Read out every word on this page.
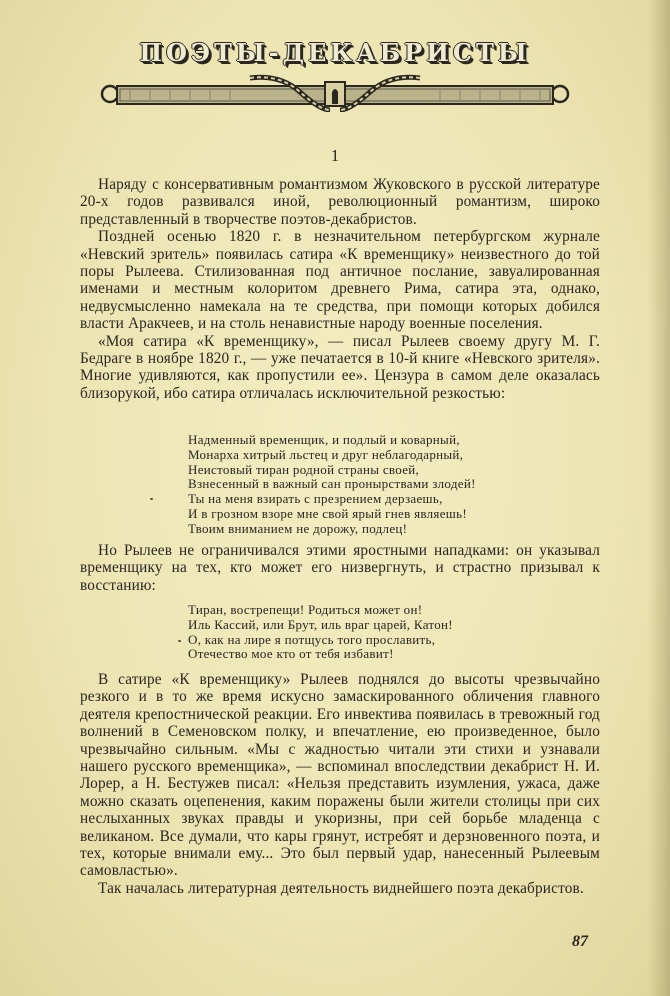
ПОЭТЫ-ДЕКАБРИСТЫ
1

Наряду с консервативным романтизмом Жуковского в русской литературе 20-х годов развивался иной, революционный романтизм, широко представленный в творчестве поэтов-декабристов.

Поздней осенью 1820 г. в незначительном петербургском журнале «Невский зритель» появилась сатира «К временщику» неизвестного до той поры Рылеева. Стилизованная под античное послание, завуалированная именами и местным колоритом древнего Рима, сатира эта, однако, недвусмысленно намекала на те средства, при помощи которых добился власти Аракчеев, и на столь ненавистные народу военные поселения.

«Моя сатира «К временщику», — писал Рылеев своему другу М. Г. Бедраге в ноябре 1820 г., — уже печатается в 10-й книге «Невского зрителя». Многие удивляются, как пропустили ее». Цензура в самом деле оказалась близорукой, ибо сатира отличалась исключительной резкостью:

Надменный временщик, и подлый и коварный,
Монарха хитрый льстец и друг неблагодарный,
Неистовый тиран родной страны своей,
Взнесенный в важный сан пронырствами злодей!
Ты на меня взирать с презрением дерзаешь,
И в грозном взоре мне свой ярый гнев являешь!
Твоим вниманием не дорожу, подлец!

Но Рылеев не ограничивался этими яростными нападками: он указывал временщику на тех, кто может его низвергнуть, и страстно призывал к восстанию:

Тиран, вострепещи! Родиться может он!
Иль Кассий, или Брут, иль враг царей, Катон!
О, как на лире я потщусь того прославить,
Отечество мое кто от тебя избавит!

В сатире «К временщику» Рылеев поднялся до высоты чрезвычайно резкого и в то же время искусно замаскированного обличения главного деятеля крепостнической реакции. Его инвектива появилась в тревожный год волнений в Семеновском полку, и впечатление, ею произведенное, было чрезвычайно сильным. «Мы с жадностью читали эти стихи и узнавали нашего русского временщика», — вспоминал впоследствии декабрист Н. И. Лорер, а Н. Бестужев писал: «Нельзя представить изумления, ужаса, даже можно сказать оцепенения, каким поражены были жители столицы при сих неслыханных звуках правды и укоризны, при сей борьбе младенца с великаном. Все думали, что кары грянут, истребят и дерзновенного поэта, и тех, которые внимали ему... Это был первый удар, нанесенный Рылеевым самовластью».

Так началась литературная деятельность виднейшего поэта декабристов.

87
